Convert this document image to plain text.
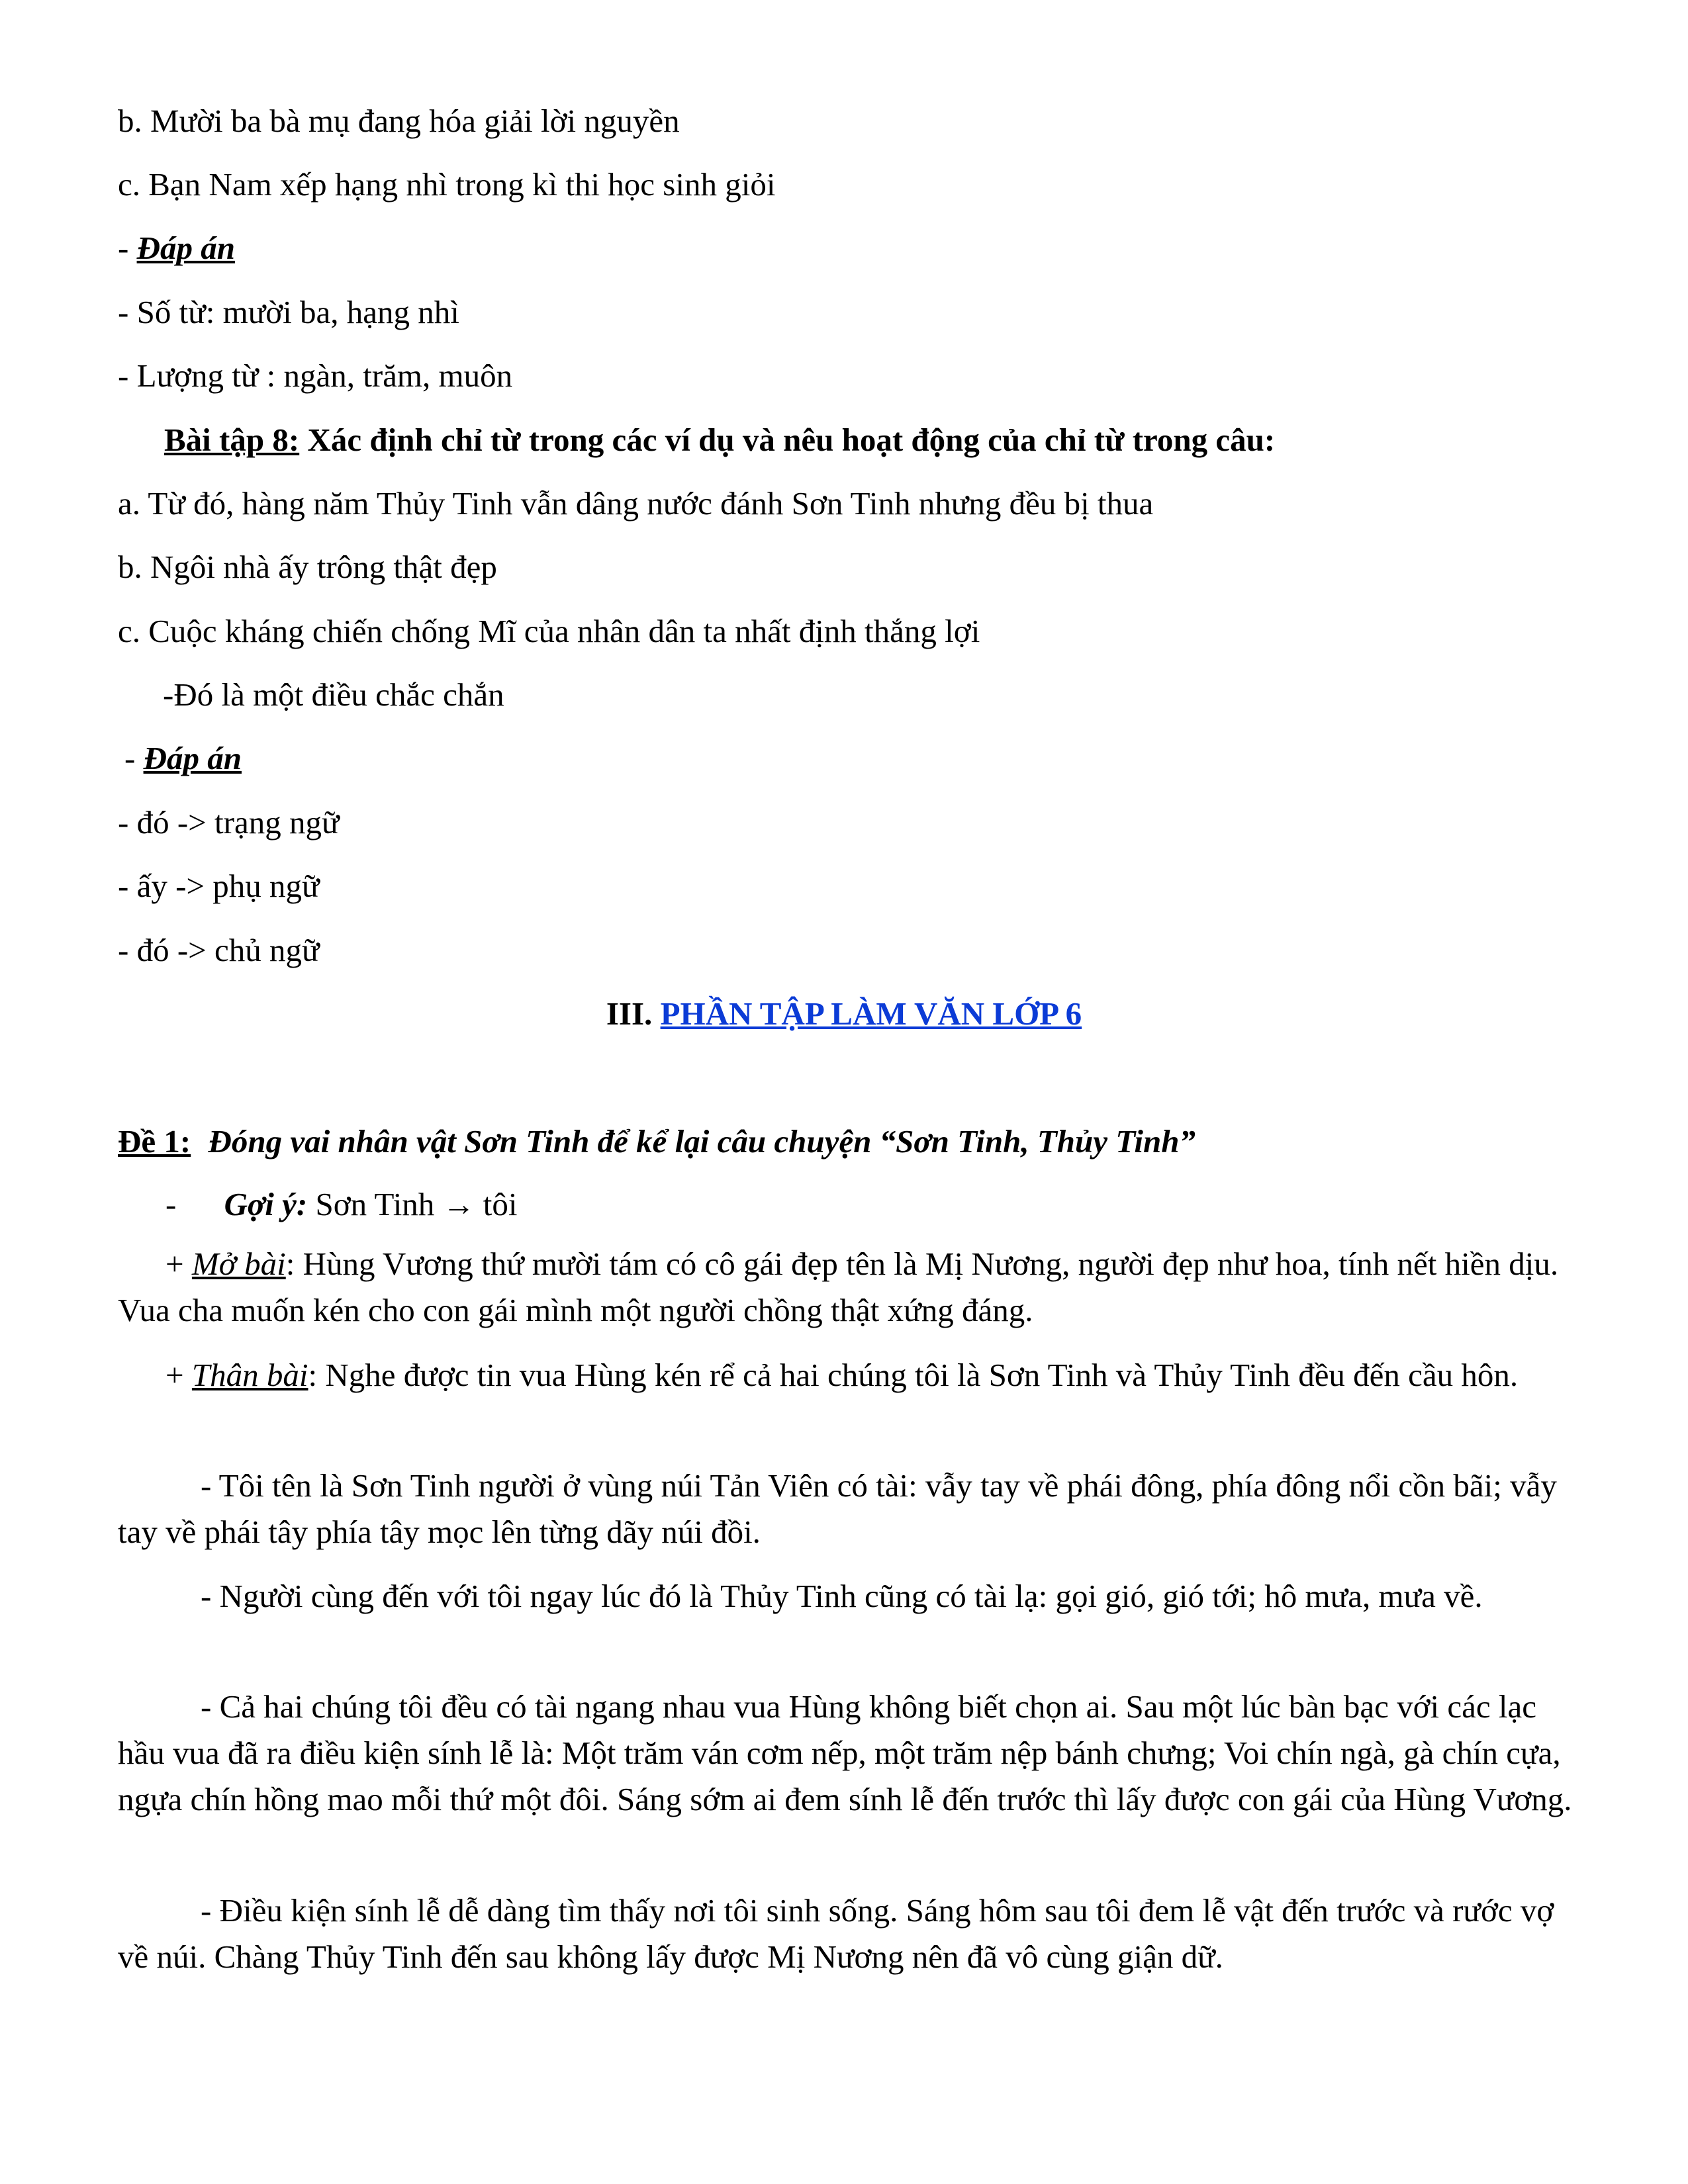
b. Mười ba bà mụ đang hóa giải lời nguyền
c. Bạn Nam xếp hạng nhì trong kì thi học sinh giỏi
- Đáp án
- Số từ: mười ba, hạng nhì
- Lượng từ : ngàn, trăm, muôn
Bài tập 8: Xác định chỉ từ trong các ví dụ và nêu hoạt động của chỉ từ trong câu:
a. Từ đó, hàng năm Thủy Tinh vẫn dâng nước đánh Sơn Tinh nhưng đều bị thua
b. Ngôi nhà ấy trông thật đẹp
c. Cuộc kháng chiến chống Mĩ của nhân dân ta nhất định thắng lợi
-Đó là một điều chắc chắn
- Đáp án
- đó -> trạng ngữ
- ấy -> phụ ngữ
- đó -> chủ ngữ
III. PHẦN TẬP LÀM VĂN LỚP 6
Đề 1: Đóng vai nhân vật Sơn Tinh để kể lại câu chuyện “Sơn Tinh, Thủy Tinh”
- Gợi ý: Sơn Tinh → tôi
+ Mở bài: Hùng Vương thứ mười tám có cô gái đẹp tên là Mị Nương, người đẹp như hoa, tính nết hiền dịu. Vua cha muốn kén cho con gái mình một người chồng thật xứng đáng.
+ Thân bài: Nghe được tin vua Hùng kén rể cả hai chúng tôi là Sơn Tinh và Thủy Tinh đều đến cầu hôn.
- Tôi tên là Sơn Tinh người ở vùng núi Tản Viên có tài: vẫy tay về phái đông, phía đông nổi cồn bãi; vẫy tay về phái tây phía tây mọc lên từng dãy núi đồi.
- Người cùng đến với tôi ngay lúc đó là Thủy Tinh cũng có tài lạ: gọi gió, gió tới; hô mưa, mưa về.
- Cả hai chúng tôi đều có tài ngang nhau vua Hùng không biết chọn ai. Sau một lúc bàn bạc với các lạc hầu vua đã ra điều kiện sính lễ là: Một trăm ván cơm nếp, một trăm nệp bánh chưng; Voi chín ngà, gà chín cựa, ngựa chín hồng mao mỗi thứ một đôi. Sáng sớm ai đem sính lễ đến trước thì lấy được con gái của Hùng Vương.
- Điều kiện sính lễ dễ dàng tìm thấy nơi tôi sinh sống. Sáng hôm sau tôi đem lễ vật đến trước và rước vợ về núi. Chàng Thủy Tinh đến sau không lấy được Mị Nương nên đã vô cùng giận dữ.
